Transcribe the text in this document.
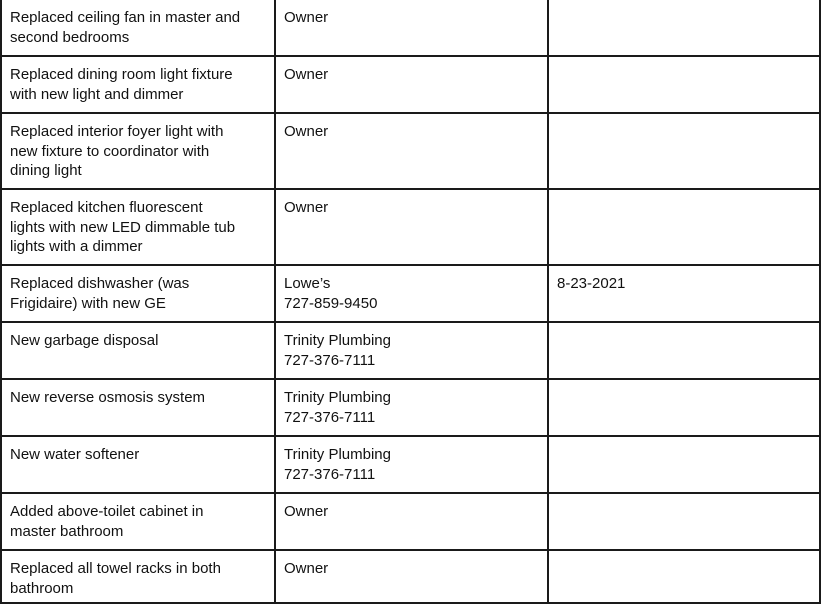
Replaced ceiling fan in master and
second bedrooms	Owner	

Replaced dining room light fixture
with new light and dimmer	Owner	

Replaced interior foyer light with
new fixture to coordinator with
dining light	Owner	

Replaced kitchen fluorescent
lights with new LED dimmable tub
lights with a dimmer	Owner	

Replaced dishwasher (was
Frigidaire) with new GE	Lowe’s
727-859-9450	8-23-2021

New garbage disposal	Trinity Plumbing
727-376-7111	

New reverse osmosis system	Trinity Plumbing
727-376-7111	

New water softener	Trinity Plumbing
727-376-7111	

Added above-toilet cabinet in
master bathroom	Owner	

Replaced all towel racks in both
bathroom	Owner	
